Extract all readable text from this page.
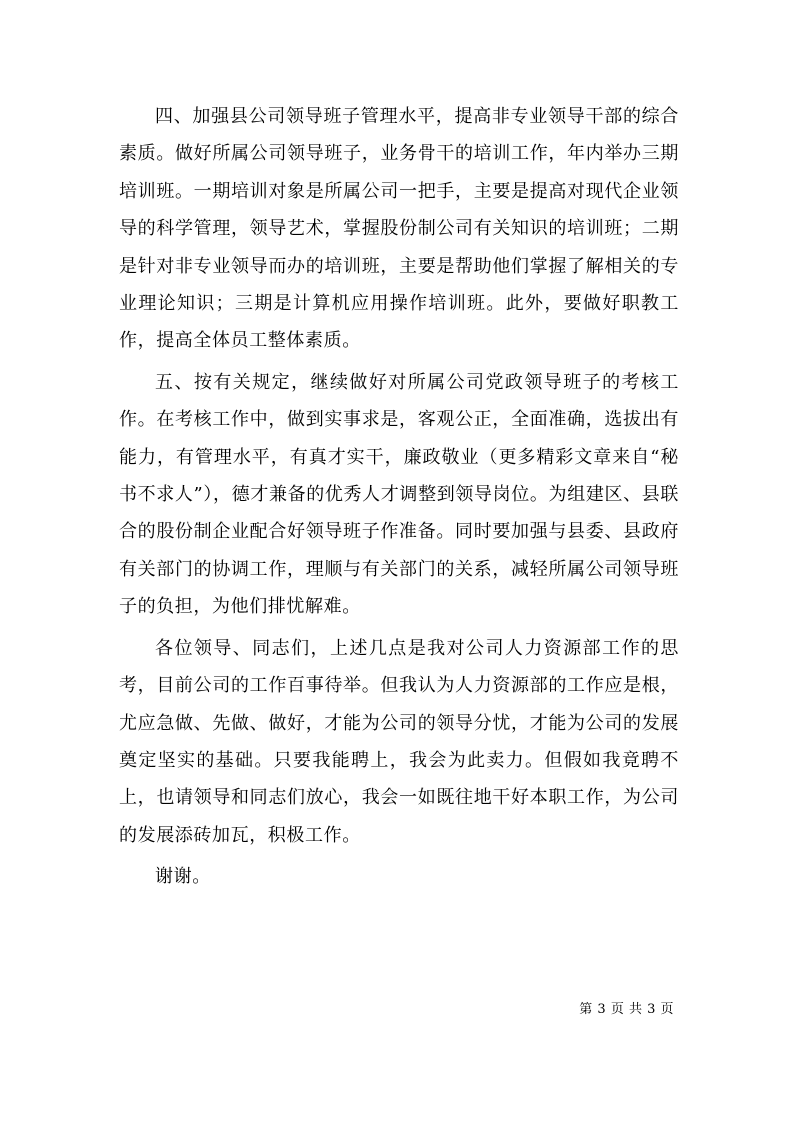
四、加强县公司领导班子管理水平，提高非专业领导干部的综合素质。做好所属公司领导班子，业务骨干的培训工作，年内举办三期培训班。一期培训对象是所属公司一把手，主要是提高对现代企业领导的科学管理，领导艺术，掌握股份制公司有关知识的培训班；二期是针对非专业领导而办的培训班，主要是帮助他们掌握了解相关的专业理论知识；三期是计算机应用操作培训班。此外，要做好职教工作，提高全体员工整体素质。

五、按有关规定，继续做好对所属公司党政领导班子的考核工作。在考核工作中，做到实事求是，客观公正，全面准确，选拔出有能力，有管理水平，有真才实干，廉政敬业（更多精彩文章来自“秘书不求人”），德才兼备的优秀人才调整到领导岗位。为组建区、县联合的股份制企业配合好领导班子作准备。同时要加强与县委、县政府有关部门的协调工作，理顺与有关部门的关系，减轻所属公司领导班子的负担，为他们排忧解难。

各位领导、同志们，上述几点是我对公司人力资源部工作的思考，目前公司的工作百事待举。但我认为人力资源部的工作应是根，尤应急做、先做、做好，才能为公司的领导分忧，才能为公司的发展奠定坚实的基础。只要我能聘上，我会为此卖力。但假如我竟聘不上，也请领导和同志们放心，我会一如既往地干好本职工作，为公司的发展添砖加瓦，积极工作。

谢谢。

第 3 页 共 3 页
